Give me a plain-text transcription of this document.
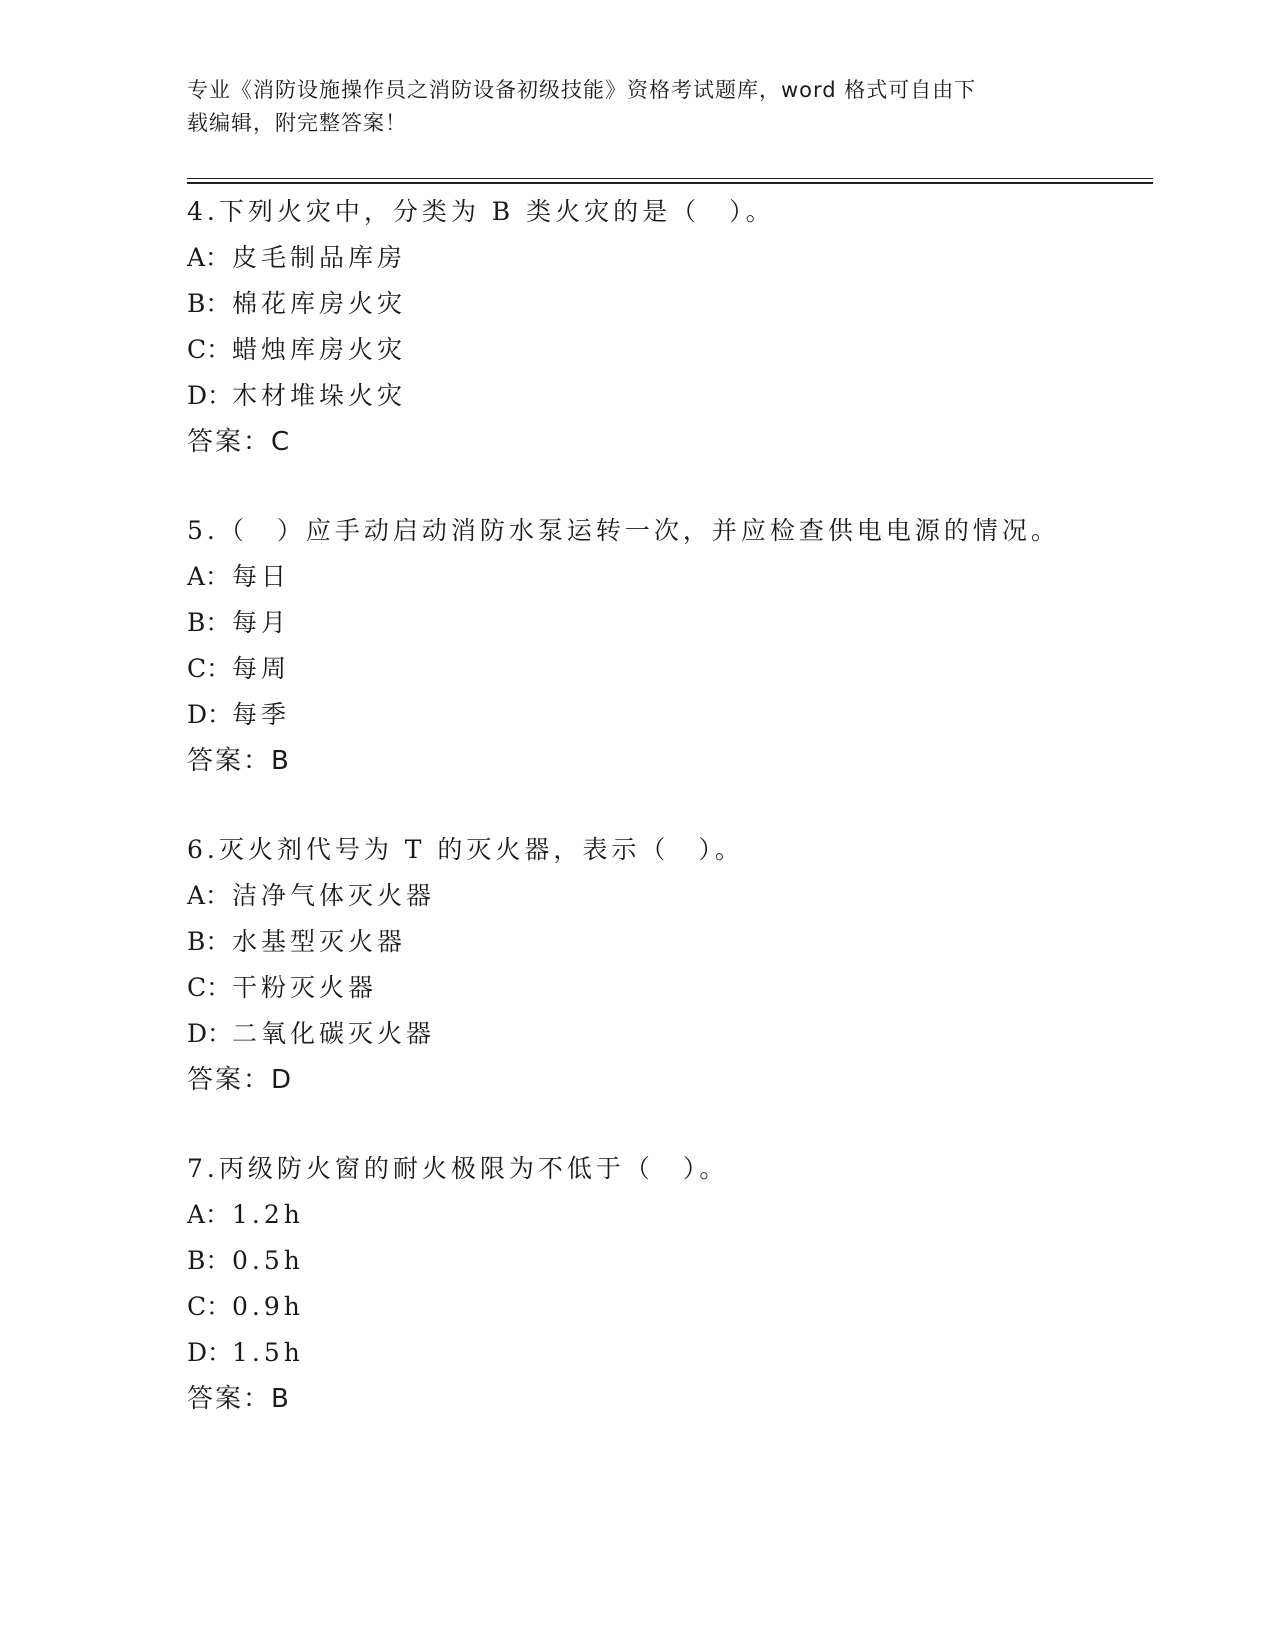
专业《消防设施操作员之消防设备初级技能》资格考试题库，word 格式可自由下
载编辑，附完整答案！
4.下列火灾中，分类为 B 类火灾的是（　）。
A：皮毛制品库房
B：棉花库房火灾
C：蜡烛库房火灾
D：木材堆垛火灾
答案：C
5.（　）应手动启动消防水泵运转一次，并应检查供电电源的情况。
A：每日
B：每月
C：每周
D：每季
答案：B
6.灭火剂代号为 T 的灭火器，表示（　）。
A：洁净气体灭火器
B：水基型灭火器
C：干粉灭火器
D：二氧化碳灭火器
答案：D
7.丙级防火窗的耐火极限为不低于（　）。
A：1.2h
B：0.5h
C：0.9h
D：1.5h
答案：B
